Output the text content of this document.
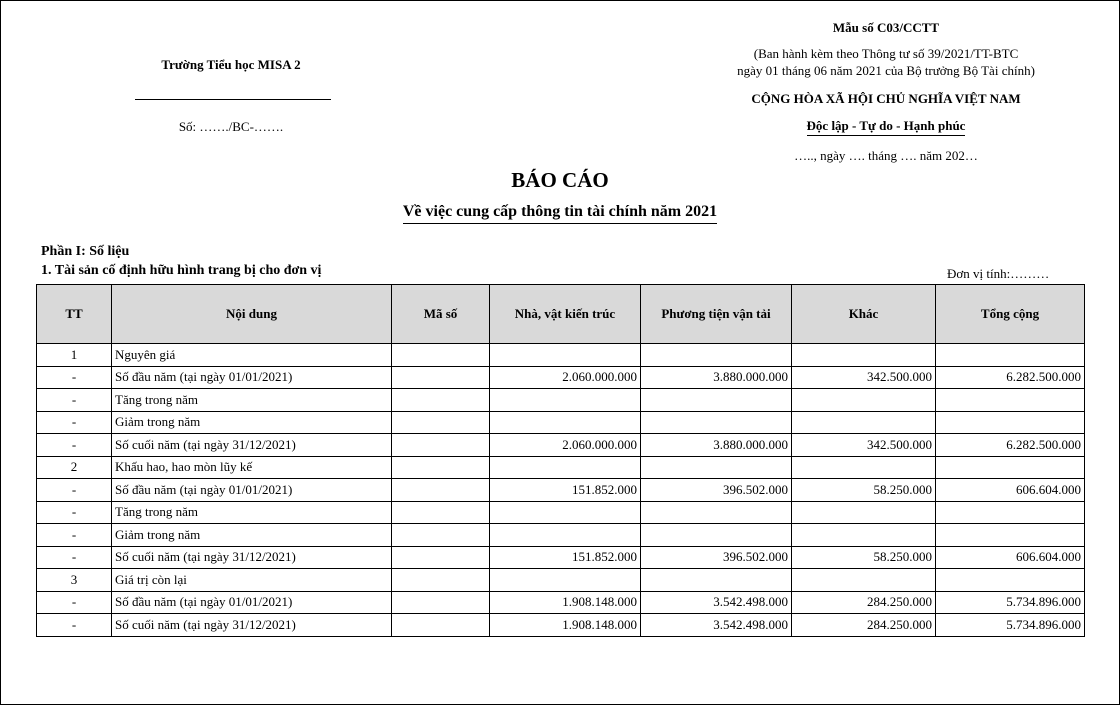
Trường Tiểu học MISA 2
Số: ……./BC-…….
Mẫu số C03/CCTT
(Ban hành kèm theo Thông tư số 39/2021/TT-BTC
ngày 01 tháng 06 năm 2021 của Bộ trưởng Bộ Tài chính)
CỘNG HÒA XÃ HỘI CHỦ NGHĨA VIỆT NAM
Độc lập - Tự do - Hạnh phúc
….., ngày …. tháng …. năm 202…
BÁO CÁO
Về việc cung cấp thông tin tài chính năm 2021
Phần I: Số liệu
1. Tài sản cố định hữu hình trang bị cho đơn vị	Đơn vị tính:………
TT	Nội dung	Mã số	Nhà, vật kiến trúc	Phương tiện vận tải	Khác	Tổng cộng
1	Nguyên giá					
-	Số đầu năm (tại ngày 01/01/2021)		2.060.000.000	3.880.000.000	342.500.000	6.282.500.000
-	Tăng trong năm					
-	Giảm trong năm					
-	Số cuối năm (tại ngày 31/12/2021)		2.060.000.000	3.880.000.000	342.500.000	6.282.500.000
2	Khấu hao, hao mòn lũy kế					
-	Số đầu năm (tại ngày 01/01/2021)		151.852.000	396.502.000	58.250.000	606.604.000
-	Tăng trong năm					
-	Giảm trong năm					
-	Số cuối năm (tại ngày 31/12/2021)		151.852.000	396.502.000	58.250.000	606.604.000
3	Giá trị còn lại					
-	Số đầu năm (tại ngày 01/01/2021)		1.908.148.000	3.542.498.000	284.250.000	5.734.896.000
-	Số cuối năm (tại ngày 31/12/2021)		1.908.148.000	3.542.498.000	284.250.000	5.734.896.000
